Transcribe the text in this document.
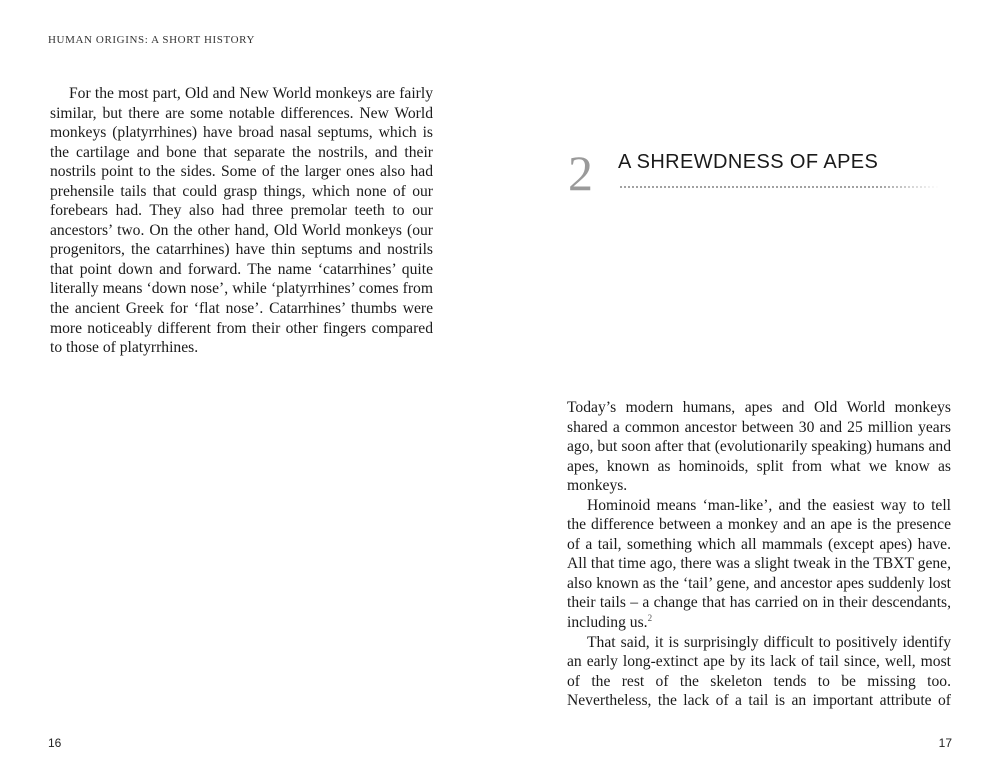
HUMAN ORIGINS: A SHORT HISTORY

For the most part, Old and New World monkeys are fairly similar, but there are some notable differences. New World monkeys (platyrrhines) have broad nasal septums, which is the cartilage and bone that separate the nostrils, and their nostrils point to the sides. Some of the larger ones also had prehensile tails that could grasp things, which none of our forebears had. They also had three premolar teeth to our ancestors’ two. On the other hand, Old World monkeys (our progenitors, the catarrhines) have thin septums and nostrils that point down and forward. The name ‘catarrhines’ quite literally means ‘down nose’, while ‘platyrrhines’ comes from the ancient Greek for ‘flat nose’. Catarrhines’ thumbs were more noticeably different from their other fingers compared to those of platyrrhines.

16
2 A SHREWDNESS OF APES

Today’s modern humans, apes and Old World monkeys shared a common ancestor between 30 and 25 million years ago, but soon after that (evolutionarily speaking) humans and apes, known as hominoids, split from what we know as monkeys.

Hominoid means ‘man-like’, and the easiest way to tell the difference between a monkey and an ape is the presence of a tail, something which all mammals (except apes) have. All that time ago, there was a slight tweak in the TBXT gene, also known as the ‘tail’ gene, and ancestor apes suddenly lost their tails – a change that has carried on in their descendants, including us.$^2$

That said, it is surprisingly difficult to positively identify an early long-extinct ape by its lack of tail since, well, most of the rest of the skeleton tends to be missing too. Nevertheless, the lack of a tail is an important attribute of

17
